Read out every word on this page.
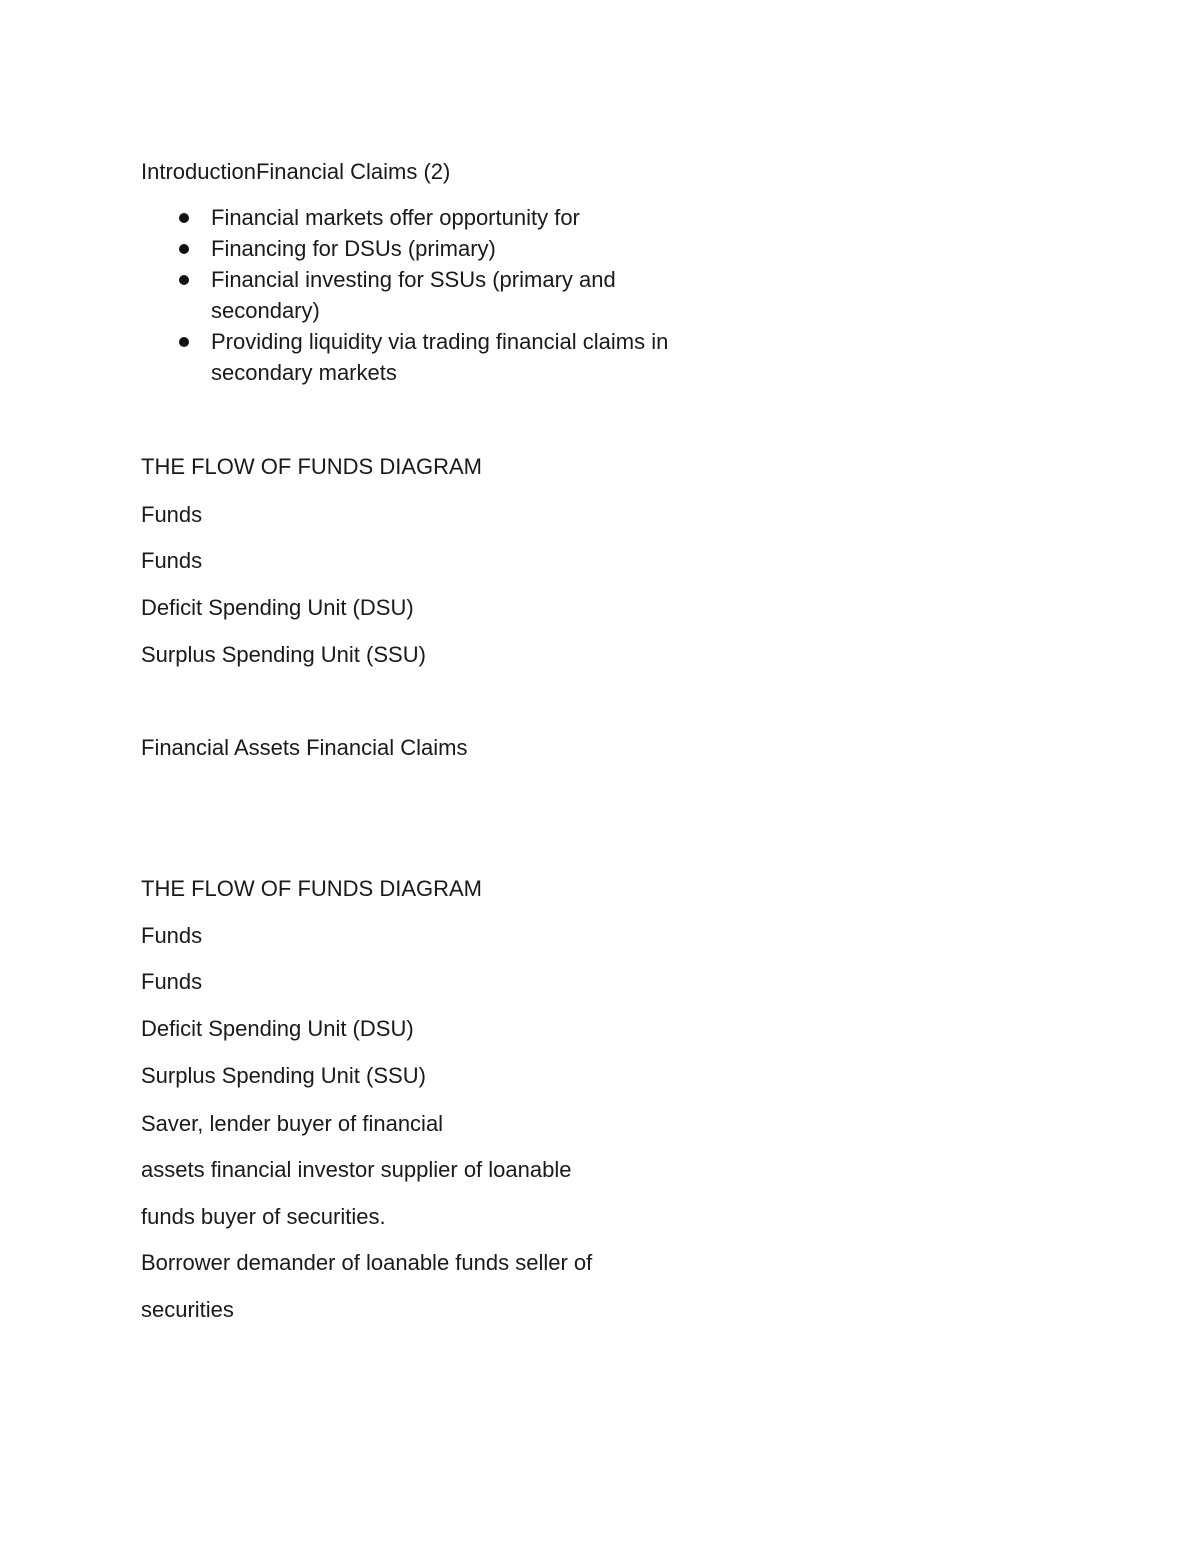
IntroductionFinancial Claims (2)
Financial markets offer opportunity for
Financing for DSUs (primary)
Financial investing for SSUs (primary and secondary)
Providing liquidity via trading financial claims in secondary markets
THE FLOW OF FUNDS DIAGRAM
Funds
Funds
Deficit Spending Unit (DSU)
Surplus Spending Unit (SSU)
Financial Assets Financial Claims
THE FLOW OF FUNDS DIAGRAM
Funds
Funds
Deficit Spending Unit (DSU)
Surplus Spending Unit (SSU)
Saver, lender buyer of financial
assets financial investor supplier of loanable
funds buyer of securities.
Borrower demander of loanable funds seller of
securities
